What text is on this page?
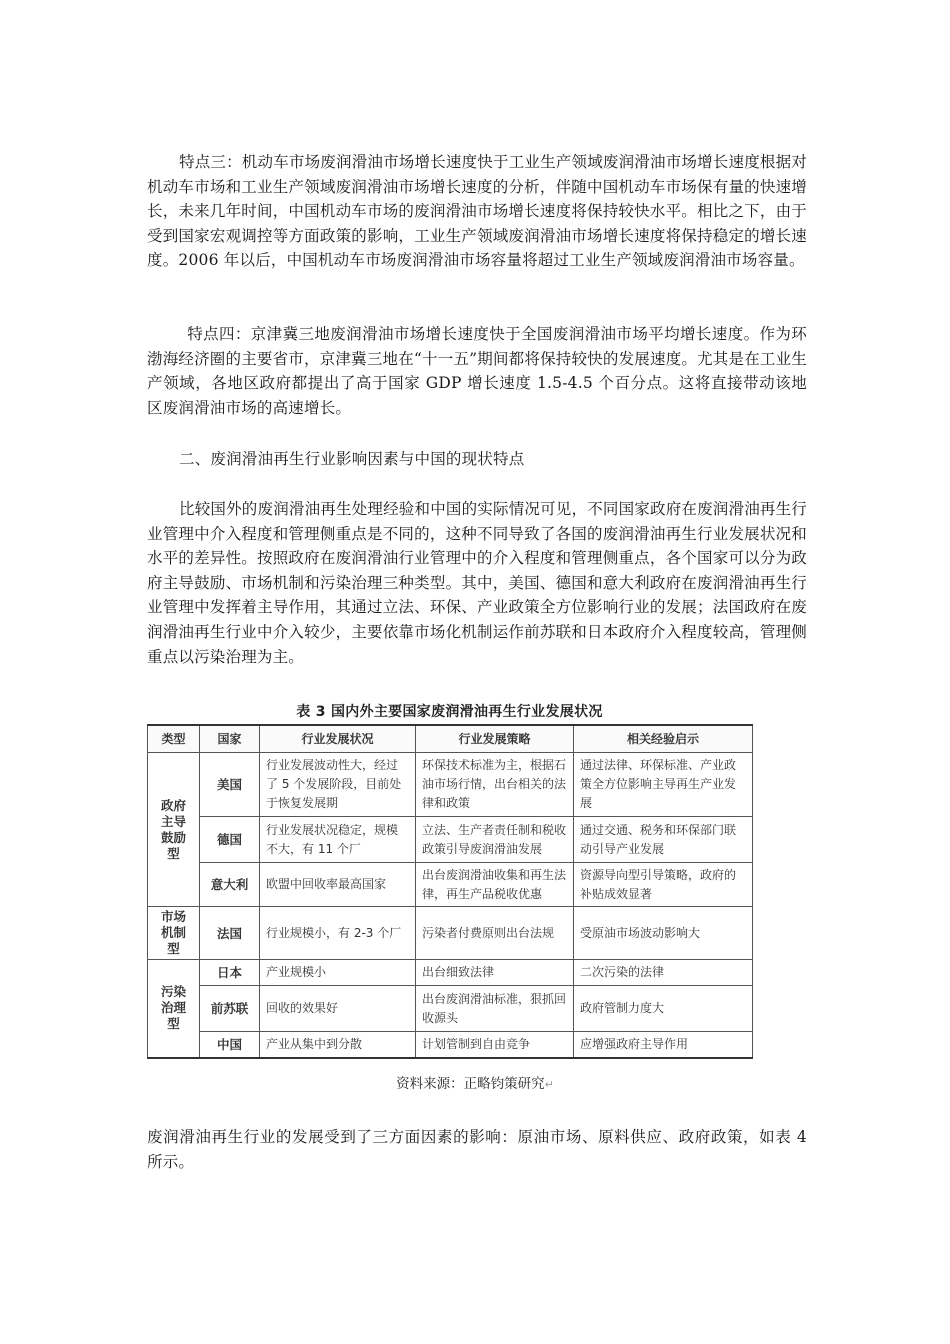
特点三：机动车市场废润滑油市场增长速度快于工业生产领域废润滑油市场增长速度根据对机动车市场和工业生产领域废润滑油市场增长速度的分析，伴随中国机动车市场保有量的快速增长，未来几年时间，中国机动车市场的废润滑油市场增长速度将保持较快水平。相比之下，由于受到国家宏观调控等方面政策的影响，工业生产领域废润滑油市场增长速度将保持稳定的增长速度。2006 年以后，中国机动车市场废润滑油市场容量将超过工业生产领域废润滑油市场容量。

特点四：京津冀三地废润滑油市场增长速度快于全国废润滑油市场平均增长速度。作为环渤海经济圈的主要省市，京津冀三地在“十一五”期间都将保持较快的发展速度。尤其是在工业生产领域，各地区政府都提出了高于国家 GDP 增长速度 1.5-4.5 个百分点。这将直接带动该地区废润滑油市场的高速增长。

二、废润滑油再生行业影响因素与中国的现状特点

比较国外的废润滑油再生处理经验和中国的实际情况可见，不同国家政府在废润滑油再生行业管理中介入程度和管理侧重点是不同的，这种不同导致了各国的废润滑油再生行业发展状况和水平的差异性。按照政府在废润滑油行业管理中的介入程度和管理侧重点，各个国家可以分为政府主导鼓励、市场机制和污染治理三种类型。其中，美国、德国和意大利政府在废润滑油再生行业管理中发挥着主导作用，其通过立法、环保、产业政策全方位影响行业的发展；法国政府在废润滑油再生行业中介入较少，主要依靠市场化机制运作前苏联和日本政府介入程度较高，管理侧重点以污染治理为主。

表 3 国内外主要国家废润滑油再生行业发展状况
类型	国家	行业发展状况	行业发展策略	相关经验启示
政府主导鼓励型	美国	行业发展波动性大，经过了 5 个发展阶段，目前处于恢复发展期	环保技术标准为主，根据石油市场行情，出台相关的法律和政策	通过法律、环保标准、产业政策全方位影响主导再生产业发展
	德国	行业发展状况稳定，规模不大，有 11 个厂	立法、生产者责任制和税收政策引导废润滑油发展	通过交通、税务和环保部门联动引导产业发展
	意大利	欧盟中回收率最高国家	出台废润滑油收集和再生法律，再生产品税收优惠	资源导向型引导策略，政府的补贴成效显著
市场机制型	法国	行业规模小，有 2-3 个厂	污染者付费原则出台法规	受原油市场波动影响大
污染治理型	日本	产业规模小	出台细致法律	二次污染的法律
	前苏联	回收的效果好	出台废润滑油标准，狠抓回收源头	政府管制力度大
	中国	产业从集中到分散	计划管制到自由竞争	应增强政府主导作用
资料来源：正略钧策研究↵

废润滑油再生行业的发展受到了三方面因素的影响：原油市场、原料供应、政府政策，如表 4 所示。
